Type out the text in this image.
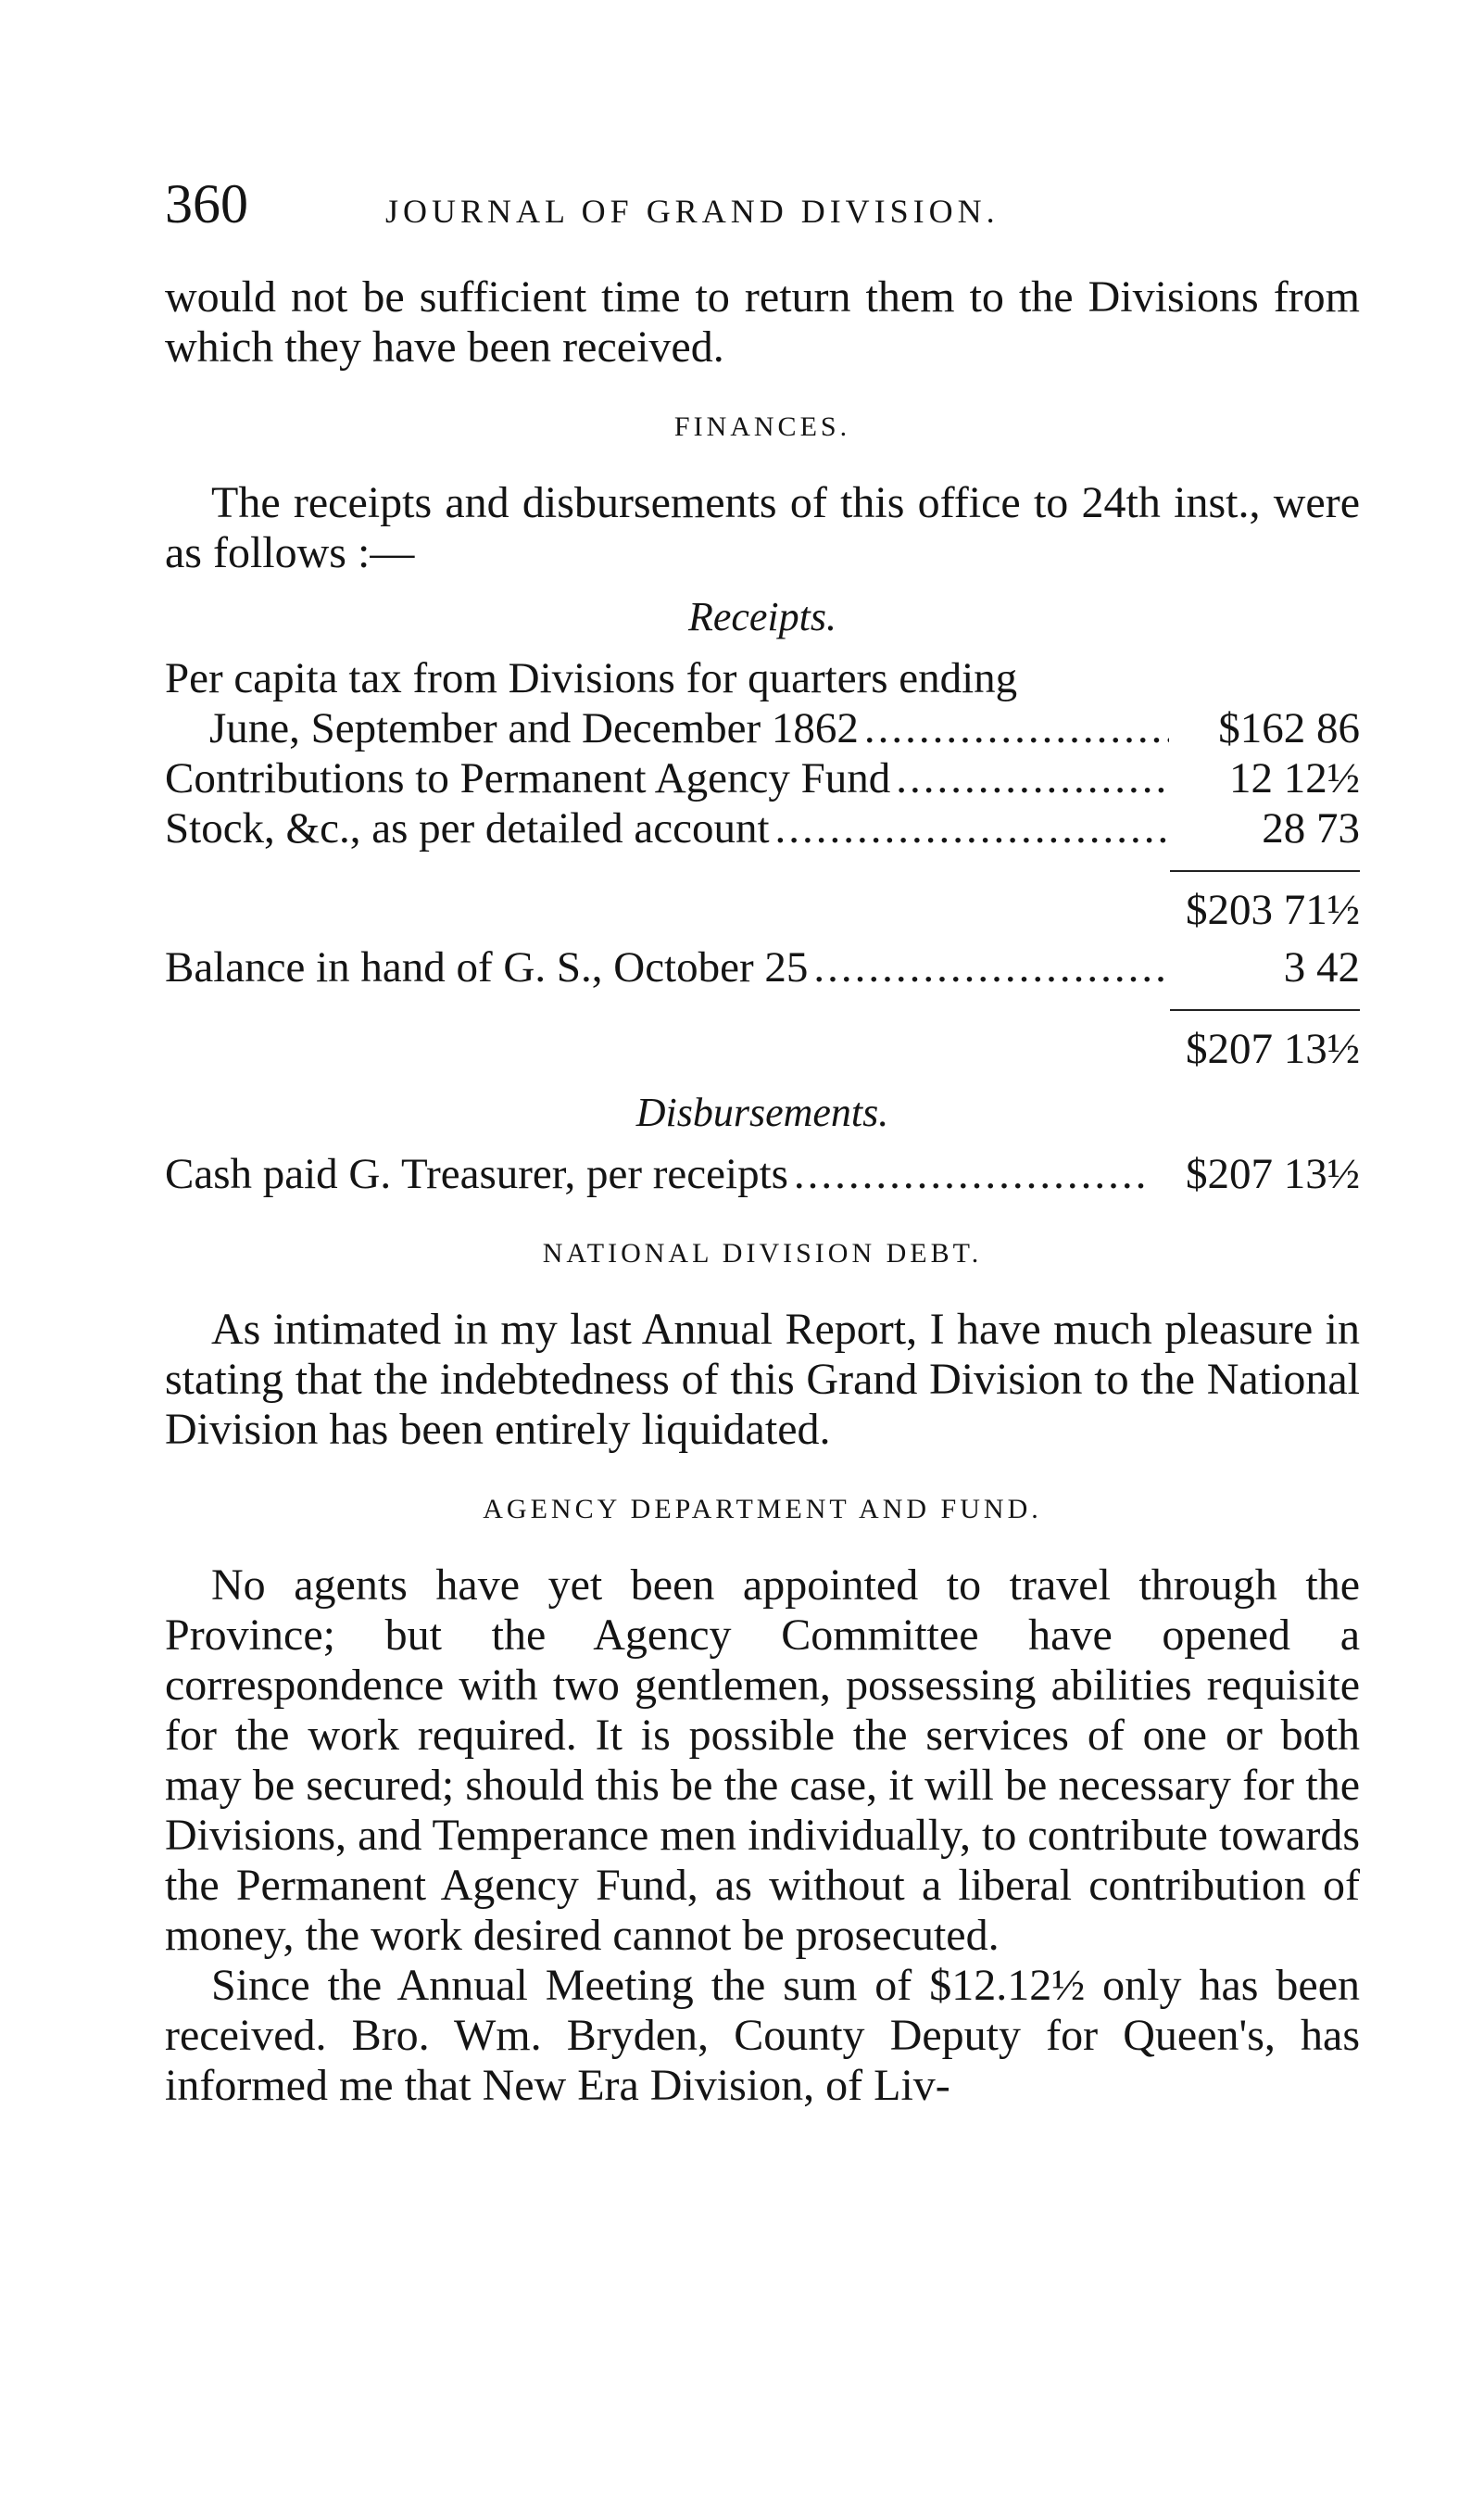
360	JOURNAL OF GRAND DIVISION.

would not be sufficient time to return them to the Divisions from which they have been received.

FINANCES.

The receipts and disbursements of this office to 24th inst., were as follows :—

Receipts.
Per capita tax from Divisions for quarters ending
June, September and December 1862 .....	$162 86
Contributions to Permanent Agency Fund .....	12 12½
Stock, &c., as per detailed account .....	28 73
$203 71½
Balance in hand of G. S., October 25 .....	3 42
$207 13½
Disbursements.
Cash paid G. Treasurer, per receipts .....	$207 13½
NATIONAL DIVISION DEBT.

As intimated in my last Annual Report, I have much pleasure in stating that the indebtedness of this Grand Division to the National Division has been entirely liquidated.

AGENCY DEPARTMENT AND FUND.

No agents have yet been appointed to travel through the Province; but the Agency Committee have opened a correspondence with two gentlemen, possessing abilities requisite for the work required. It is possible the services of one or both may be secured; should this be the case, it will be necessary for the Divisions, and Temperance men individually, to contribute towards the Permanent Agency Fund, as without a liberal contribution of money, the work desired cannot be prosecuted.

Since the Annual Meeting the sum of $12.12½ only has been received. Bro. Wm. Bryden, County Deputy for Queen's, has informed me that New Era Division, of Liv-
